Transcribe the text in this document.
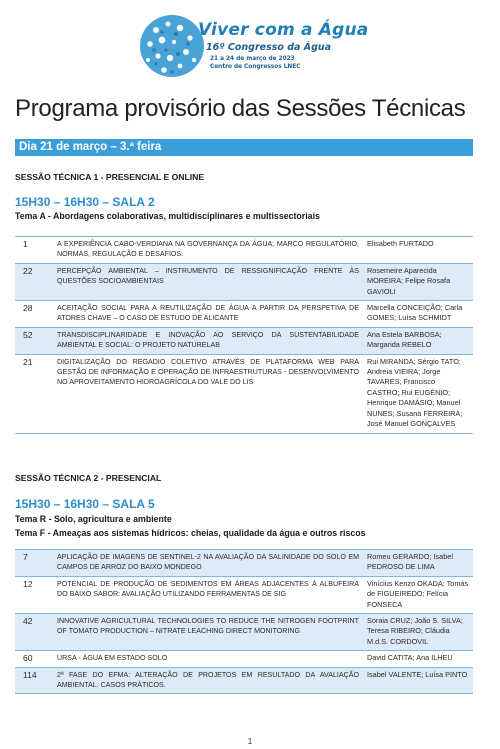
Viver com a Água
16º Congresso da Água
21 a 24 de março de 2023
Centro de Congressos LNEC
Programa provisório das Sessões Técnicas
Dia 21 de março – 3.ª feira
SESSÃO TÉCNICA 1 - PRESENCIAL E ONLINE
15H30 – 16H30 – SALA 2
Tema A - Abordagens colaborativas, multidisciplinares e multissectoriais
1	A EXPERIÊNCIA CABO-VERDIANA NA GOVERNANÇA DA ÁGUA; MARCO REGULATÓRIO, NORMAS, REGULAÇÃO E DESAFIOS.	Elisabeth FURTADO
22	PERCEPÇÃO AMBIENTAL – INSTRUMENTO DE RESSIGNIFICAÇÃO FRENTE ÀS QUESTÕES SOCIOAMBIENTAIS	Rosemeire Aparecida MOREIRA; Felipe Rosafa GAVIOLI
28	ACEITAÇÃO SOCIAL PARA A REUTILIZAÇÃO DE ÁGUA A PARTIR DA PERSPETIVA DE ATORES CHAVE – O CASO DE ESTUDO DE ALICANTE	Marcella CONCEIÇÃO; Carla GOMES; Luísa SCHMIDT
52	TRANSDISCIPLINARIDADE E INOVAÇÃO AO SERVIÇO DA SUSTENTABILIDADE AMBIENTAL E SOCIAL: O PROJETO NATURELAB	Ana Estela BARBOSA; Margarida REBELO
21	DIGITALIZAÇÃO DO REGADIO COLETIVO ATRAVÉS DE PLATAFORMA WEB PARA GESTÃO DE INFORMAÇÃO E OPERAÇÃO DE INFRAESTRUTURAS - DESENVOLVIMENTO NO APROVEITAMENTO HIDROAGRÍCOLA DO VALE DO LIS	Rui MIRANDA; Sérgio TATO; Andreia VIEIRA; Jorge TAVARES; Francisco CASTRO; Rui EUGÉNIO; Henrique DAMÁSIO; Manuel NUNES; Susana FERREIRA; José Manuel GONÇALVES
SESSÃO TÉCNICA 2 - PRESENCIAL
15H30 – 16H30 – SALA 5
Tema R - Solo, agricultura e ambiente
Tema F - Ameaças aos sistemas hídricos: cheias, qualidade da água e outros riscos
7	APLICAÇÃO DE IMAGENS DE SENTINEL-2 NA AVALIAÇÃO DA SALINIDADE DO SOLO EM CAMPOS DE ARROZ DO BAIXO MONDEGO	Romeu GERARDO; Isabel PEDROSO DE LIMA
12	POTENCIAL DE PRODUÇÃO DE SEDIMENTOS EM ÁREAS ADJACENTES À ALBUFEIRA DO BAIXO SABOR: AVALIAÇÃO UTILIZANDO FERRAMENTAS DE SIG	Vinícius Kenzo OKADA; Tomás de FIGUEIREDO; Felícia FONSECA
42	INNOVATIVE AGRICULTURAL TECHNOLOGIES TO REDUCE THE NITROGEN FOOTPRINT OF TOMATO PRODUCTION – NITRATE LEACHING DIRECT MONITORING	Soraia CRUZ; João S. SILVA; Teresa RIBEIRO; Cláudia M.d.S. CORDOVIL
60	URSA - ÁGUA EM ESTADO SOLO	David CATITA; Ana ILHEU
114	2ª FASE DO EFMA: ALTERAÇÃO DE PROJETOS EM RESULTADO DA AVALIAÇÃO AMBIENTAL. CASOS PRÁTICOS.	Isabel VALENTE; Luísa PINTO
1
